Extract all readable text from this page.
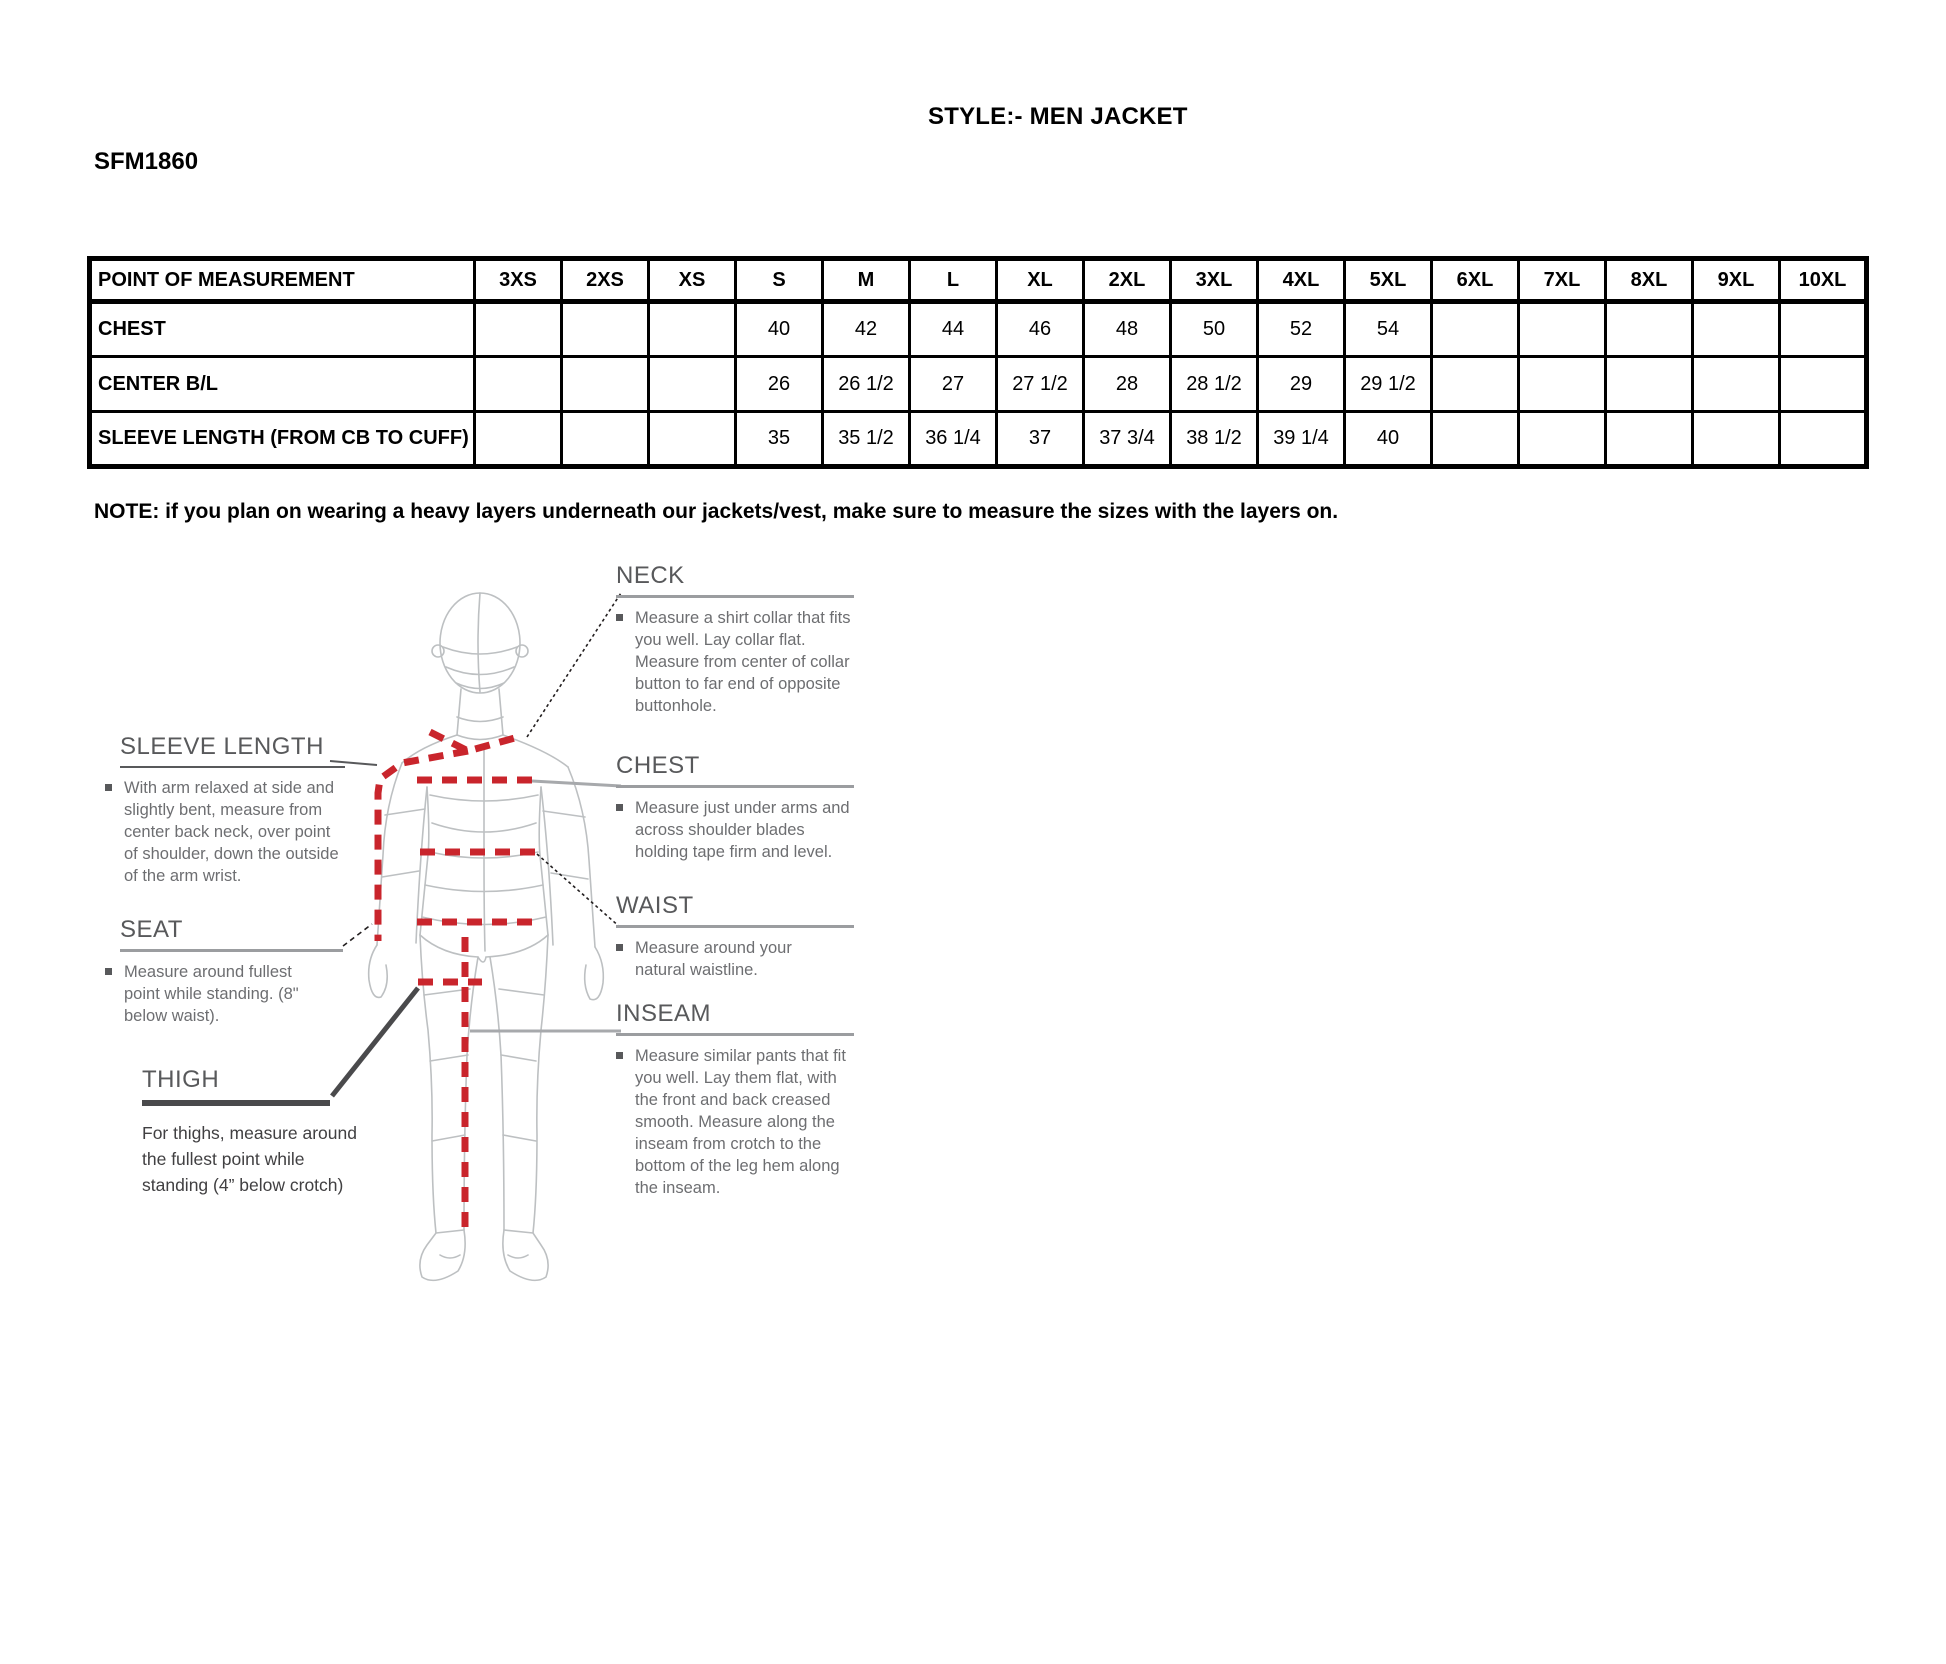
STYLE:- MEN JACKET
SFM1860
POINT OF MEASUREMENT	3XS	2XS	XS	S	M	L	XL	2XL	3XL	4XL	5XL	6XL	7XL	8XL	9XL	10XL
CHEST				40	42	44	46	48	50	52	54					
CENTER B/L				26	26 1/2	27	27 1/2	28	28 1/2	29	29 1/2					
SLEEVE LENGTH (FROM CB TO CUFF)				35	35 1/2	36 1/4	37	37 3/4	38 1/2	39 1/4	40					
NOTE: if you plan on wearing a heavy layers underneath our jackets/vest, make sure to measure the sizes with the layers on.
NECK
Measure a shirt collar that fits you well. Lay collar flat. Measure from center of collar button to far end of opposite buttonhole.
CHEST
Measure just under arms and across shoulder blades holding tape firm and level.
WAIST
Measure around your natural waistline.
INSEAM
Measure similar pants that fit you well. Lay them flat, with the front and back creased smooth. Measure along the inseam from crotch to the bottom of the leg hem along the inseam.
SLEEVE LENGTH
With arm relaxed at side and slightly bent, measure from center back neck, over point of shoulder, down the outside of the arm wrist.
SEAT
Measure around fullest point while standing. (8" below waist).
THIGH
For thighs, measure around the fullest point while standing (4” below crotch)
